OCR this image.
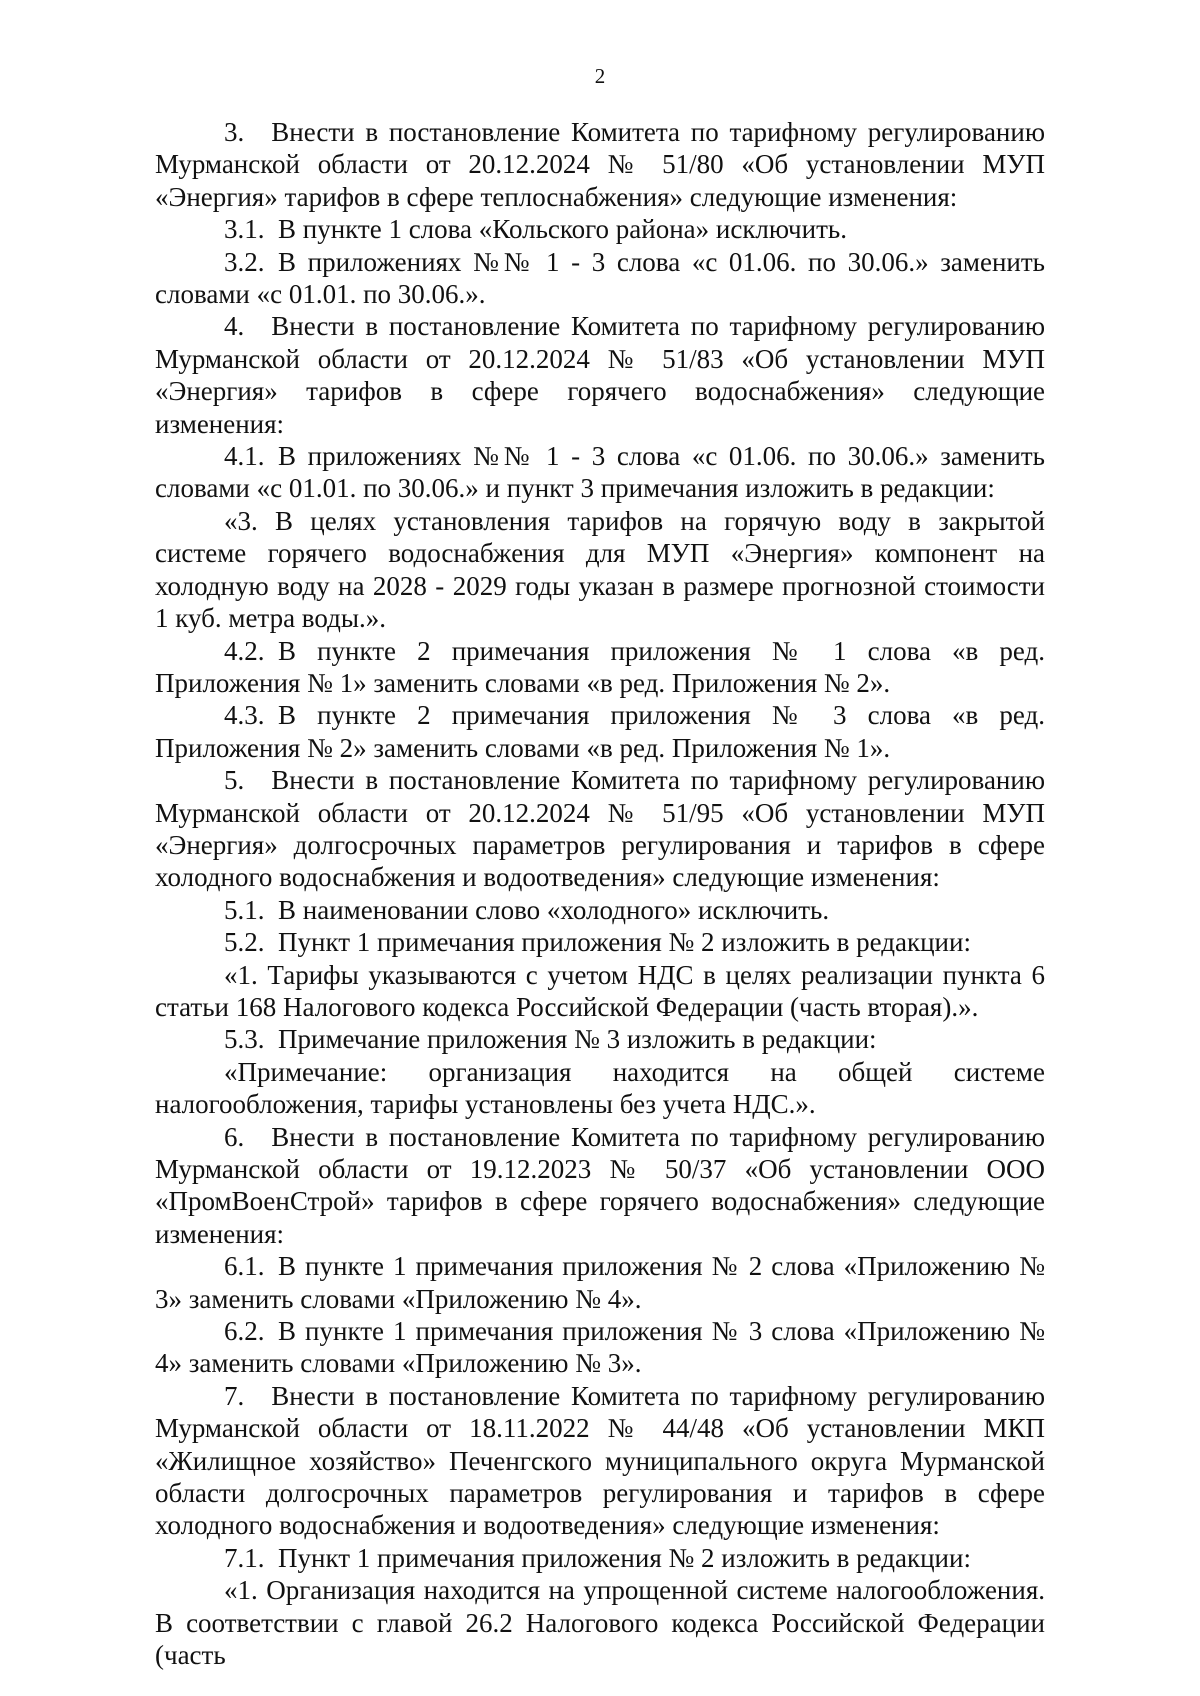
2

3. Внести в постановление Комитета по тарифному регулированию Мурманской области от 20.12.2024 № 51/80 «Об установлении МУП «Энергия» тарифов в сфере теплоснабжения» следующие изменения:

3.1. В пункте 1 слова «Кольского района» исключить.

3.2. В приложениях №№ 1 - 3 слова «с 01.06. по 30.06.» заменить словами «с 01.01. по 30.06.».

4. Внести в постановление Комитета по тарифному регулированию Мурманской области от 20.12.2024 № 51/83 «Об установлении МУП «Энергия» тарифов в сфере горячего водоснабжения» следующие изменения:

4.1. В приложениях №№ 1 - 3 слова «с 01.06. по 30.06.» заменить словами «с 01.01. по 30.06.» и пункт 3 примечания изложить в редакции:

«3. В целях установления тарифов на горячую воду в закрытой системе горячего водоснабжения для МУП «Энергия» компонент на холодную воду на 2028 - 2029 годы указан в размере прогнозной стоимости 1 куб. метра воды.».

4.2. В пункте 2 примечания приложения № 1 слова «в ред. Приложения № 1» заменить словами «в ред. Приложения № 2».

4.3. В пункте 2 примечания приложения № 3 слова «в ред. Приложения № 2» заменить словами «в ред. Приложения № 1».

5. Внести в постановление Комитета по тарифному регулированию Мурманской области от 20.12.2024 № 51/95 «Об установлении МУП «Энергия» долгосрочных параметров регулирования и тарифов в сфере холодного водоснабжения и водоотведения» следующие изменения:

5.1. В наименовании слово «холодного» исключить.

5.2. Пункт 1 примечания приложения № 2 изложить в редакции:

«1. Тарифы указываются с учетом НДС в целях реализации пункта 6 статьи 168 Налогового кодекса Российской Федерации (часть вторая).».

5.3. Примечание приложения № 3 изложить в редакции:

«Примечание: организация находится на общей системе налогообложения, тарифы установлены без учета НДС.».

6. Внести в постановление Комитета по тарифному регулированию Мурманской области от 19.12.2023 № 50/37 «Об установлении ООО «ПромВоенСтрой» тарифов в сфере горячего водоснабжения» следующие изменения:

6.1. В пункте 1 примечания приложения № 2 слова «Приложению № 3» заменить словами «Приложению № 4».

6.2. В пункте 1 примечания приложения № 3 слова «Приложению № 4» заменить словами «Приложению № 3».

7. Внести в постановление Комитета по тарифному регулированию Мурманской области от 18.11.2022 № 44/48 «Об установлении МКП «Жилищное хозяйство» Печенгского муниципального округа Мурманской области долгосрочных параметров регулирования и тарифов в сфере холодного водоснабжения и водоотведения» следующие изменения:

7.1. Пункт 1 примечания приложения № 2 изложить в редакции:

«1. Организация находится на упрощенной системе налогообложения. В соответствии с главой 26.2 Налогового кодекса Российской Федерации (часть
